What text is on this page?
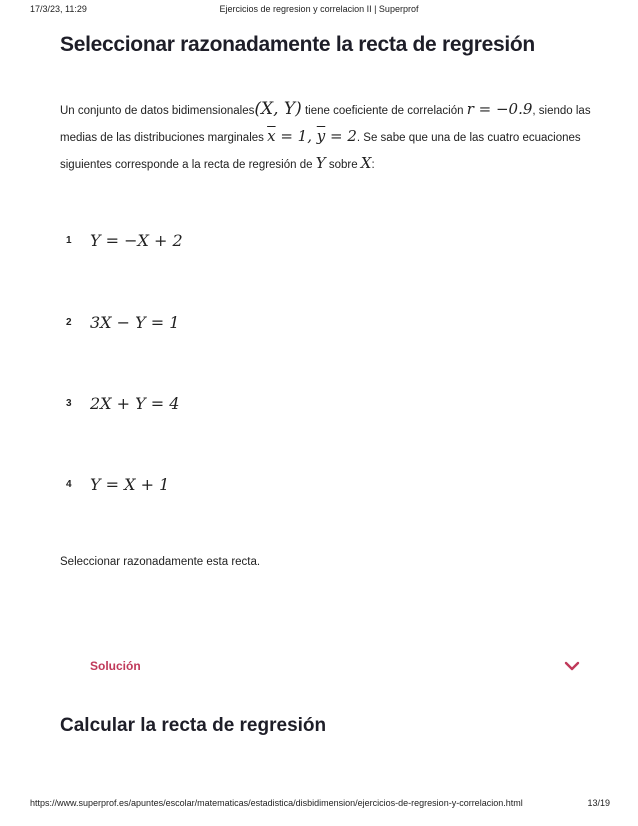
17/3/23, 11:29	Ejercicios de regresion y correlacion II | Superprof
Seleccionar razonadamente la recta de regresión

Un conjunto de datos bidimensionales(X, Y) tiene coeficiente de correlación r = −0.9, siendo las medias de las distribuciones marginales $\overline{x} = 1$, $\overline{y} = 2$. Se sabe que una de las cuatro ecuaciones siguientes corresponde a la recta de regresión de Y sobre X:

1	Y = −X + 2
2	3X − Y = 1
3	2X + Y = 4
4	Y = X + 1

Seleccionar razonadamente esta recta.

Solución
Calcular la recta de regresión
https://www.superprof.es/apuntes/escolar/matematicas/estadistica/disbidimension/ejercicios-de-regresion-y-correlacion.html	13/19
